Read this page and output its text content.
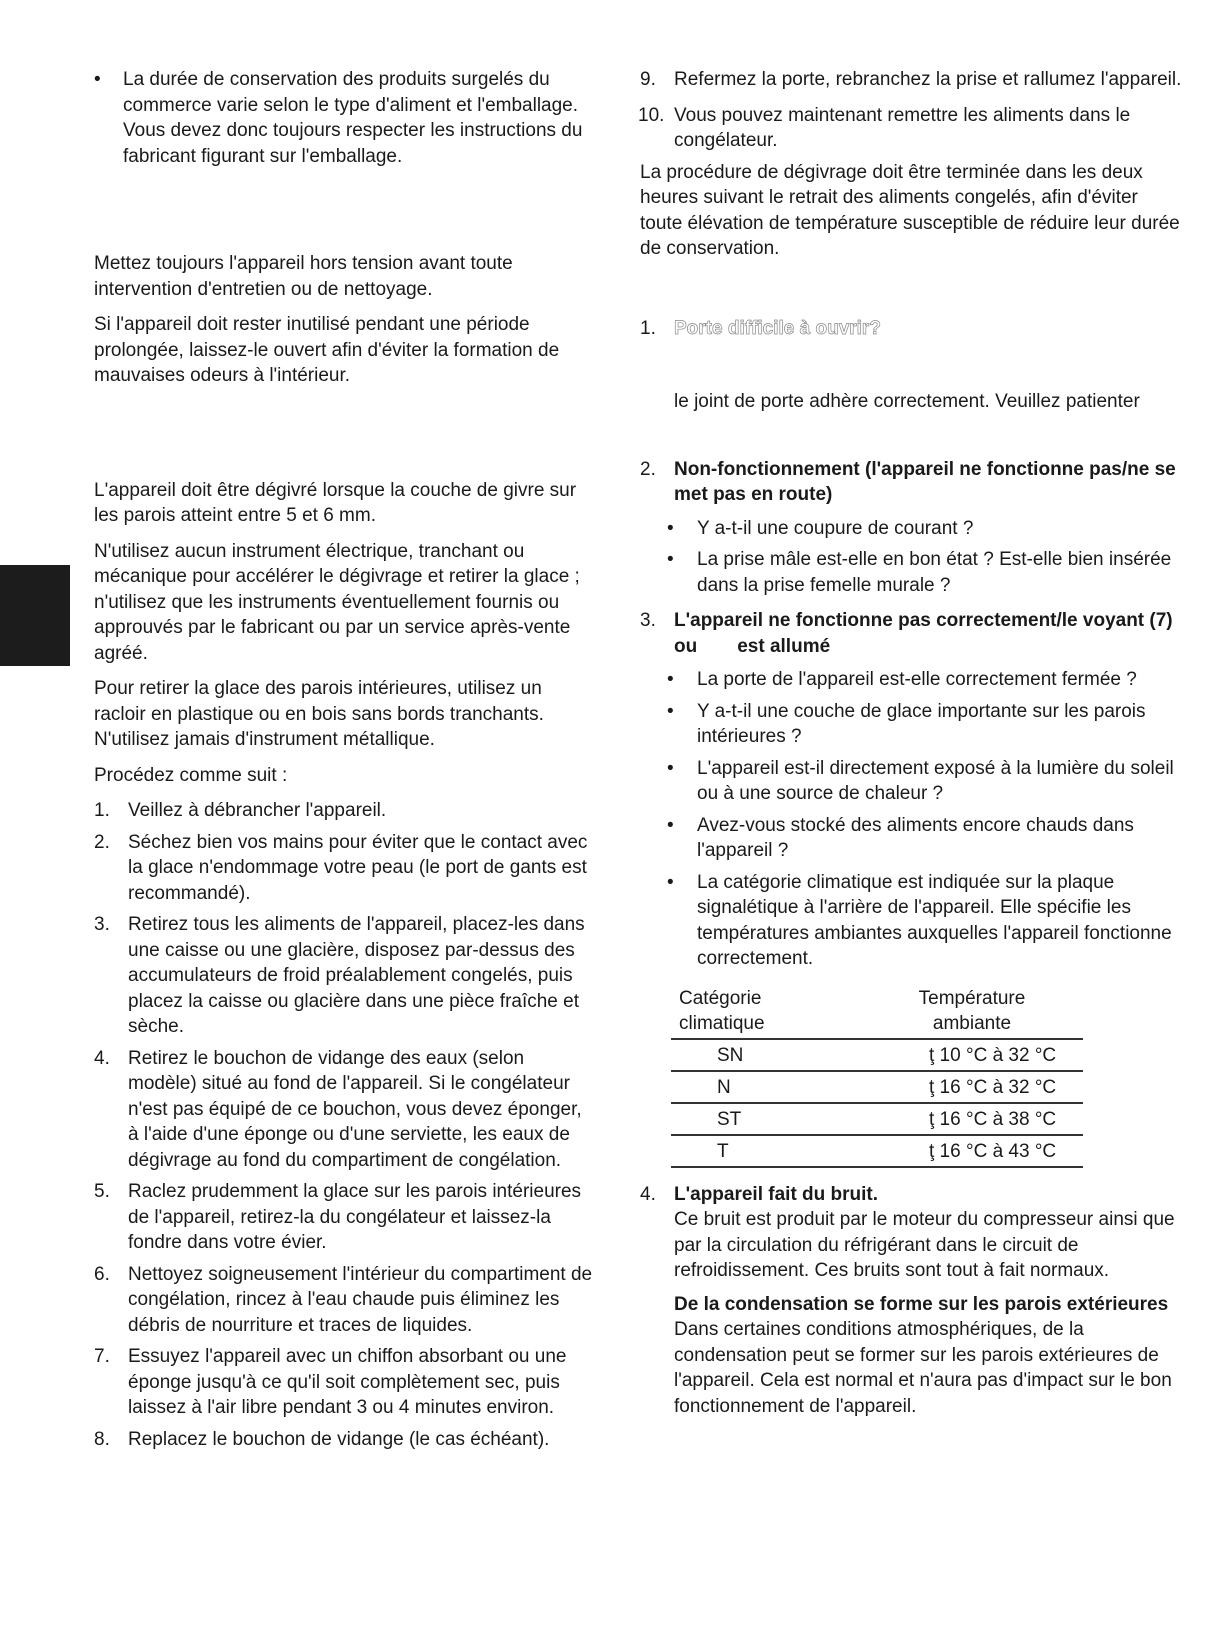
• La durée de conservation des produits surgelés du commerce varie selon le type d'aliment et l'emballage. Vous devez donc toujours respecter les instructions du fabricant figurant sur l'emballage.

Mettez toujours l'appareil hors tension avant toute intervention d'entretien ou de nettoyage.

Si l'appareil doit rester inutilisé pendant une période prolongée, laissez-le ouvert afin d'éviter la formation de mauvaises odeurs à l'intérieur.

L'appareil doit être dégivré lorsque la couche de givre sur les parois atteint entre 5 et 6 mm.

N'utilisez aucun instrument électrique, tranchant ou mécanique pour accélérer le dégivrage et retirer la glace ; n'utilisez que les instruments éventuellement fournis ou approuvés par le fabricant ou par un service après-vente agréé.

Pour retirer la glace des parois intérieures, utilisez un racloir en plastique ou en bois sans bords tranchants. N'utilisez jamais d'instrument métallique.

Procédez comme suit :

1. Veillez à débrancher l'appareil.
2. Séchez bien vos mains pour éviter que le contact avec la glace n'endommage votre peau (le port de gants est recommandé).
3. Retirez tous les aliments de l'appareil, placez-les dans une caisse ou une glacière, disposez par-dessus des accumulateurs de froid préalablement congelés, puis placez la caisse ou glacière dans une pièce fraîche et sèche.
4. Retirez le bouchon de vidange des eaux (selon modèle) situé au fond de l'appareil. Si le congélateur n'est pas équipé de ce bouchon, vous devez éponger, à l'aide d'une éponge ou d'une serviette, les eaux de dégivrage au fond du compartiment de congélation.
5. Raclez prudemment la glace sur les parois intérieures de l'appareil, retirez-la du congélateur et laissez-la fondre dans votre évier.
6. Nettoyez soigneusement l'intérieur du compartiment de congélation, rincez à l'eau chaude puis éliminez les débris de nourriture et traces de liquides.
7. Essuyez l'appareil avec un chiffon absorbant ou une éponge jusqu'à ce qu'il soit complètement sec, puis laissez à l'air libre pendant 3 ou 4 minutes environ.
8. Replacez le bouchon de vidange (le cas échéant).
9. Refermez la porte, rebranchez la prise et rallumez l'appareil.
10. Vous pouvez maintenant remettre les aliments dans le congélateur.

La procédure de dégivrage doit être terminée dans les deux heures suivant le retrait des aliments congelés, afin d'éviter toute élévation de température susceptible de réduire leur durée de conservation.

1. Porte difficile à ouvrir?

le joint de porte adhère correctement. Veuillez patienter

2. Non-fonctionnement (l'appareil ne fonctionne pas/ne se met pas en route)

• Y a-t-il une coupure de courant ?

• La prise mâle est-elle en bon état ? Est-elle bien insérée dans la prise femelle murale ?

3. L'appareil ne fonctionne pas correctement/le voyant (7) ou est allumé

• La porte de l'appareil est-elle correctement fermée ?

• Y a-t-il une couche de glace importante sur les parois intérieures ?

• L'appareil est-il directement exposé à la lumière du soleil ou à une source de chaleur ?

• Avez-vous stocké des aliments encore chauds dans l'appareil ?

• La catégorie climatique est indiquée sur la plaque signalétique à l'arrière de l'appareil. Elle spécifie les températures ambiantes auxquelles l'appareil fonctionne correctement.

Catégorie
climatique	Température
ambiante
SN	ţ 10 °C à 32 °C
N	ţ 16 °C à 32 °C
ST	ţ 16 °C à 38 °C
T	ţ 16 °C à 43 °C
4. L'appareil fait du bruit.

Ce bruit est produit par le moteur du compresseur ainsi que par la circulation du réfrigérant dans le circuit de refroidissement. Ces bruits sont tout à fait normaux.

De la condensation se forme sur les parois extérieures

Dans certaines conditions atmosphériques, de la condensation peut se former sur les parois extérieures de l'appareil. Cela est normal et n'aura pas d'impact sur le bon fonctionnement de l'appareil.
